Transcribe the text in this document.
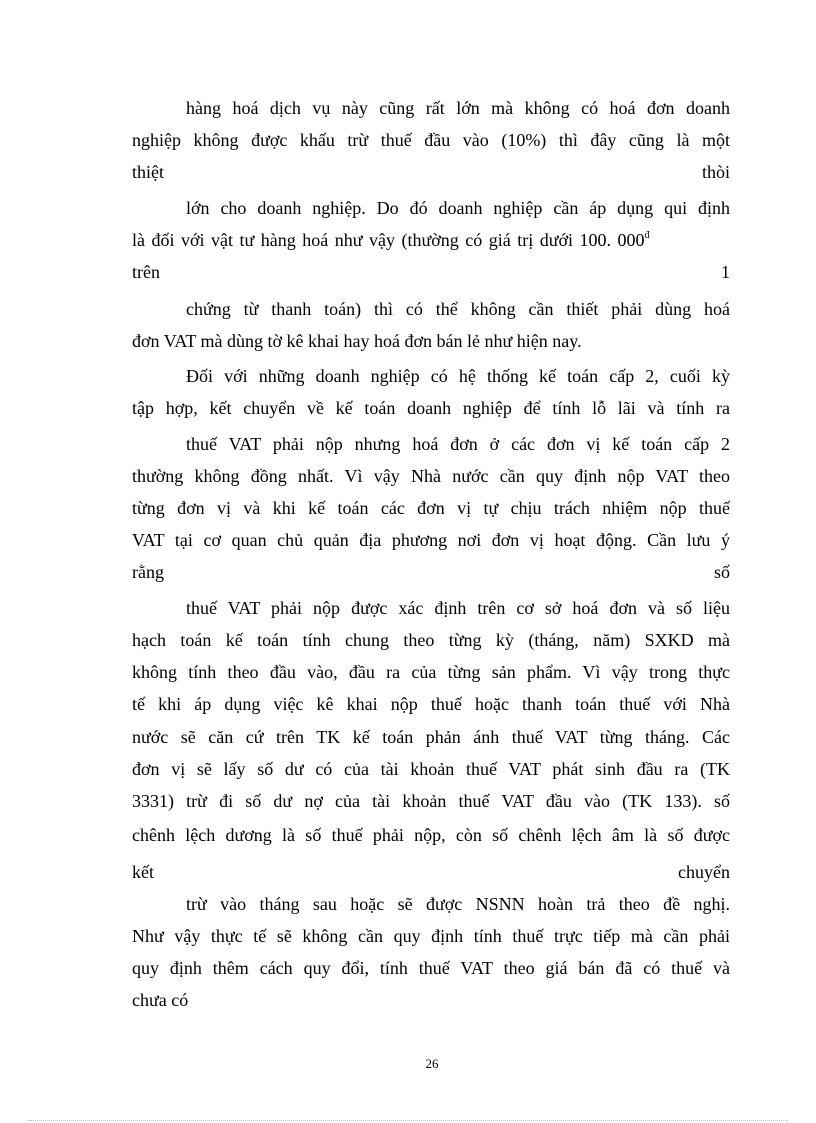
hàng hoá dịch vụ này cũng rất lớn mà không có hoá đơn doanh
nghiệp không được khấu trừ thuế đầu vào (10%) thì đây cũng là một
thiệt thòi
lớn cho doanh nghiệp. Do đó doanh nghiệp cần áp dụng qui định
là đối với vật tư hàng hoá như vậy (thường có giá trị dưới 100. $000^đ$
trên 1
chứng từ thanh toán) thì có thể không cần thiết phải dùng hoá
đơn VAT mà dùng tờ kê khai hay hoá đơn bán lẻ như hiện nay.
Đối với những doanh nghiệp có hệ thống kế toán cấp 2, cuối kỳ
tập hợp, kết chuyển về kế toán doanh nghiệp để tính lỗ lãi và tính ra
thuế VAT phải nộp nhưng hoá đơn ở các đơn vị kế toán cấp 2
thường không đồng nhất. Vì vậy Nhà nước cần quy định nộp VAT theo
từng đơn vị và khi kế toán các đơn vị tự chịu trách nhiệm nộp thuế
VAT tại cơ quan chủ quản địa phương nơi đơn vị hoạt động. Cần lưu ý
rằng số
thuế VAT phải nộp được xác định trên cơ sở hoá đơn và số liệu
hạch toán kế toán tính chung theo từng kỳ (tháng, năm) SXKD mà
không tính theo đầu vào, đầu ra của từng sản phẩm. Vì vậy trong thực
tế khi áp dụng việc kê khai nộp thuế hoặc thanh toán thuế với Nhà
nước sẽ căn cứ trên TK kế toán phản ánh thuế VAT từng tháng. Các
đơn vị sẽ lấy số dư có của tài khoản thuế VAT phát sinh đầu ra (TK
3331) trừ đi số dư nợ của tài khoản thuế VAT đầu vào (TK 133). số
chênh lệch dương là số thuế phải nộp, còn số chênh lệch âm là số được
kết chuyển
trừ vào tháng sau hoặc sẽ được NSNN hoàn trả theo đề nghị.
Như vậy thực tế sẽ không cần quy định tính thuế trực tiếp mà cần phải
quy định thêm cách quy đổi, tính thuế VAT theo giá bán đã có thuế và
chưa có
26
